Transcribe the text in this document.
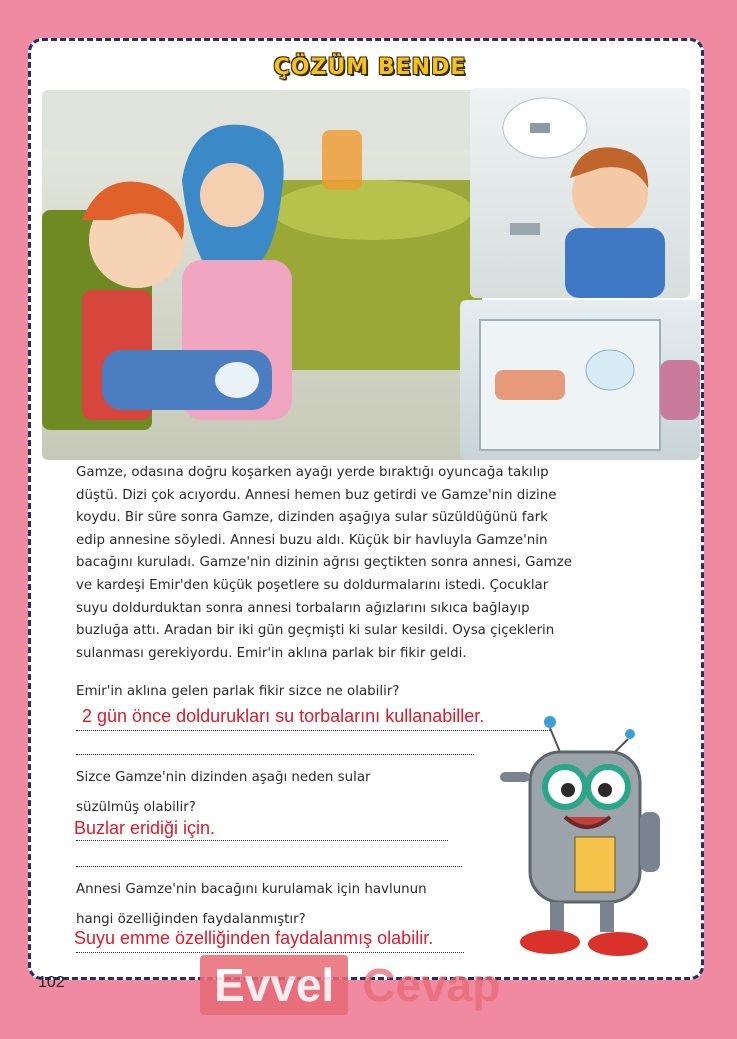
ÇÖZÜM BENDE
Gamze, odasına doğru koşarken ayağı yerde bıraktığı oyuncağa takılıp
düştü. Dizi çok acıyordu. Annesi hemen buz getirdi ve Gamze'nin dizine
koydu. Bir süre sonra Gamze, dizinden aşağıya sular süzüldüğünü fark
edip annesine söyledi. Annesi buzu aldı. Küçük bir havluyla Gamze'nin
bacağını kuruladı. Gamze'nin dizinin ağrısı geçtikten sonra annesi, Gamze
ve kardeşi Emir'den küçük poşetlere su doldurmalarını istedi. Çocuklar
suyu doldurduktan sonra annesi torbaların ağızlarını sıkıca bağlayıp
buzluğa attı. Aradan bir iki gün geçmişti ki sular kesildi. Oysa çiçeklerin
sulanması gerekiyordu. Emir'in aklına parlak bir fikir geldi.
Emir'in aklına gelen parlak fikir sizce ne olabilir?
2 gün önce doldurukları su torbalarını kullanabiller.
Sizce Gamze'nin dizinden aşağı neden sular
süzülmüş olabilir?
Buzlar eridiği için.
Annesi Gamze'nin bacağını kurulamak için havlunun
hangi özelliğinden faydalanmıştır?
Suyu emme özelliğinden faydalanmış olabilir.
102	Evvel Cevap
